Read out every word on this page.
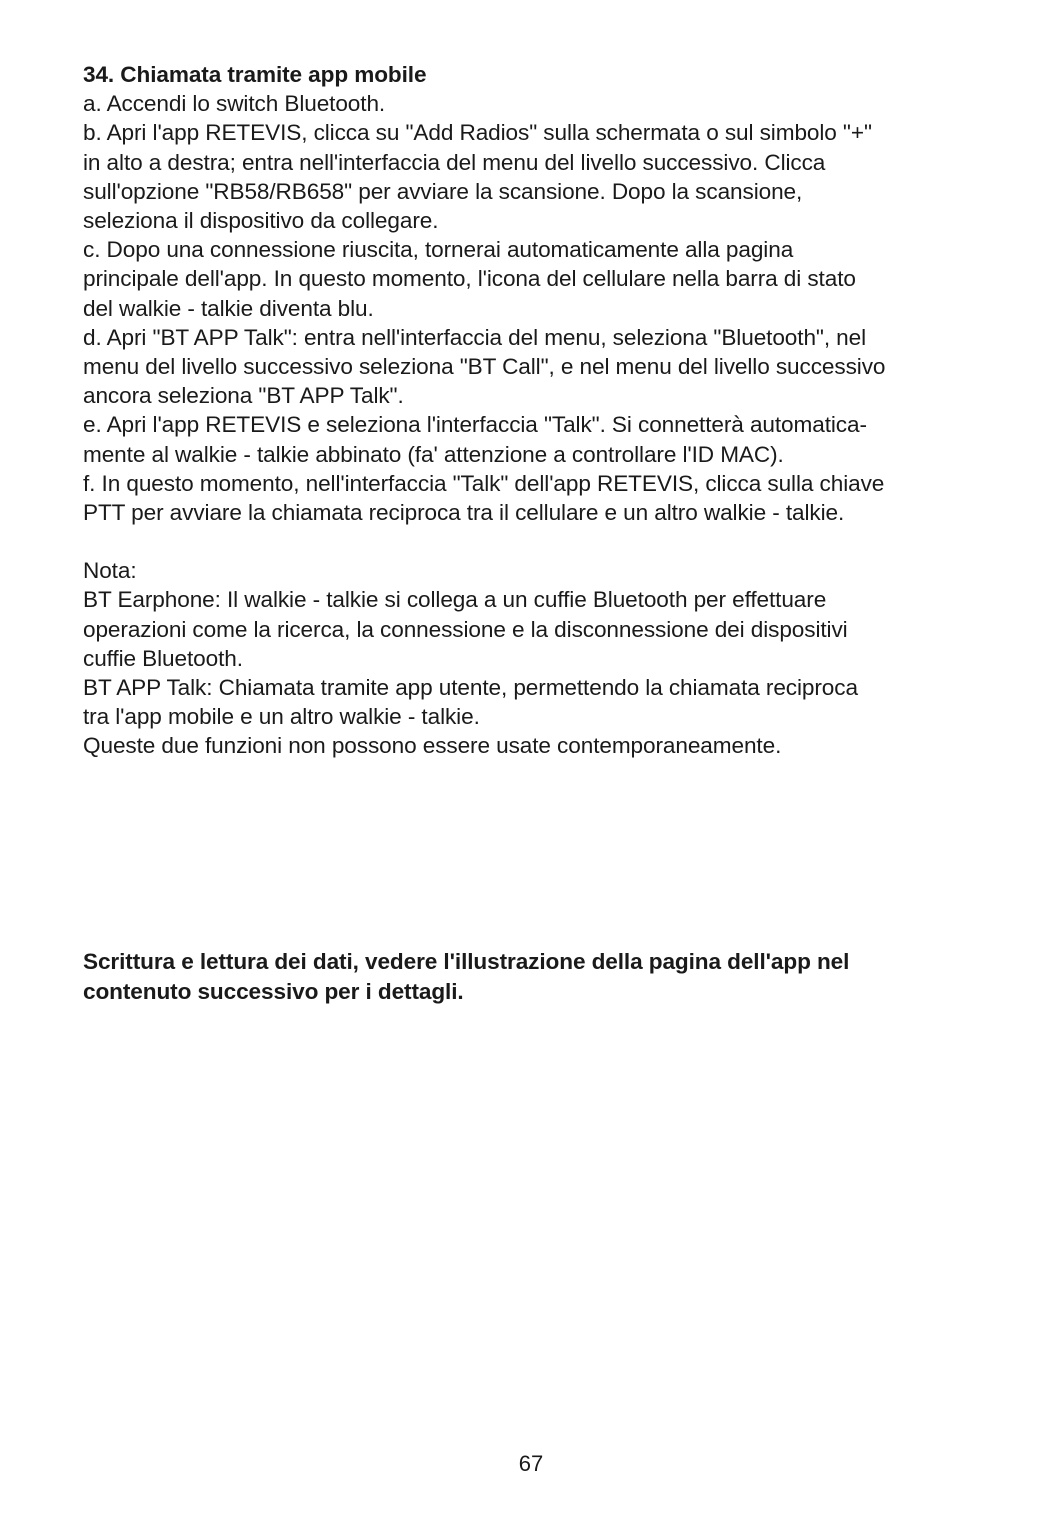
34. Chiamata tramite app mobile
a. Accendi lo switch Bluetooth.
b. Apri l'app RETEVIS, clicca su "Add Radios" sulla schermata o sul simbolo "+"
in alto a destra; entra nell'interfaccia del menu del livello successivo. Clicca
sull'opzione "RB58/RB658" per avviare la scansione. Dopo la scansione,
seleziona il dispositivo da collegare.
c. Dopo una connessione riuscita, tornerai automaticamente alla pagina
principale dell'app. In questo momento, l'icona del cellulare nella barra di stato
del walkie - talkie diventa blu.
d. Apri "BT APP Talk": entra nell'interfaccia del menu, seleziona "Bluetooth", nel
menu del livello successivo seleziona "BT Call", e nel menu del livello successivo
ancora seleziona "BT APP Talk".
e. Apri l'app RETEVIS e seleziona l'interfaccia "Talk". Si connetterà automatica-
mente al walkie - talkie abbinato (fa' attenzione a controllare l'ID MAC).
f. In questo momento, nell'interfaccia "Talk" dell'app RETEVIS, clicca sulla chiave
PTT per avviare la chiamata reciproca tra il cellulare e un altro walkie - talkie.
Nota:
BT Earphone: Il walkie - talkie si collega a un cuffie Bluetooth per effettuare
operazioni come la ricerca, la connessione e la disconnessione dei dispositivi
cuffie Bluetooth.
BT APP Talk: Chiamata tramite app utente, permettendo la chiamata reciproca
tra l'app mobile e un altro walkie - talkie.
Queste due funzioni non possono essere usate contemporaneamente.
Scrittura e lettura dei dati, vedere l'illustrazione della pagina dell'app nel
contenuto successivo per i dettagli.
67
